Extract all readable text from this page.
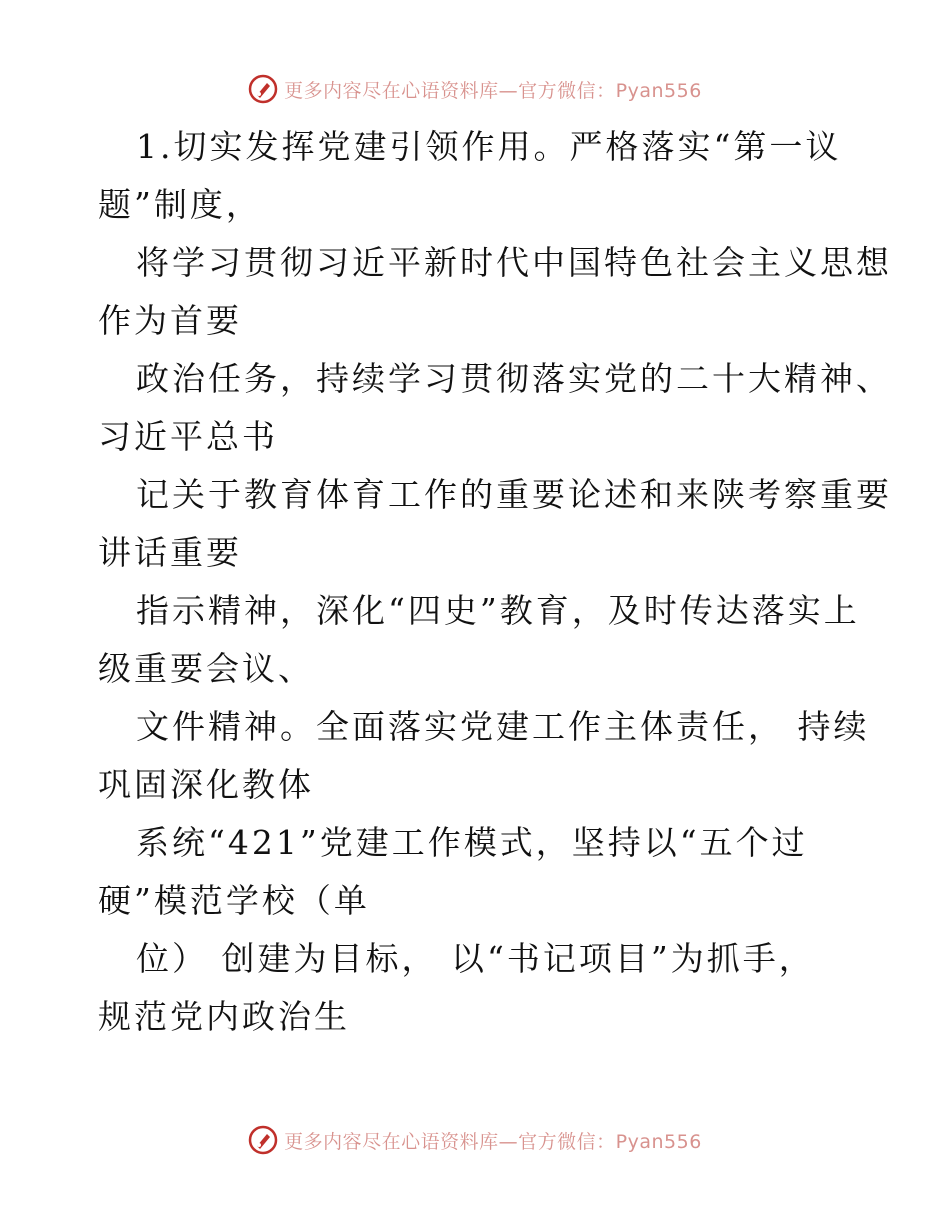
更多内容尽在心语资料库—官方微信：Pyan556
1.切实发挥党建引领作用。严格落实“第一议
题”制度，
将学习贯彻习近平新时代中国特色社会主义思想
作为首要
政治任务，持续学习贯彻落实党的二十大精神、
习近平总书
记关于教育体育工作的重要论述和来陕考察重要
讲话重要
指示精神，深化“四史”教育，及时传达落实上
级重要会议、
文件精神。全面落实党建工作主体责任， 持续
巩固深化教体
系统“421”党建工作模式，坚持以“五个过
硬”模范学校（单
位） 创建为目标， 以“书记项目”为抓手，
规范党内政治生
更多内容尽在心语资料库—官方微信：Pyan556
